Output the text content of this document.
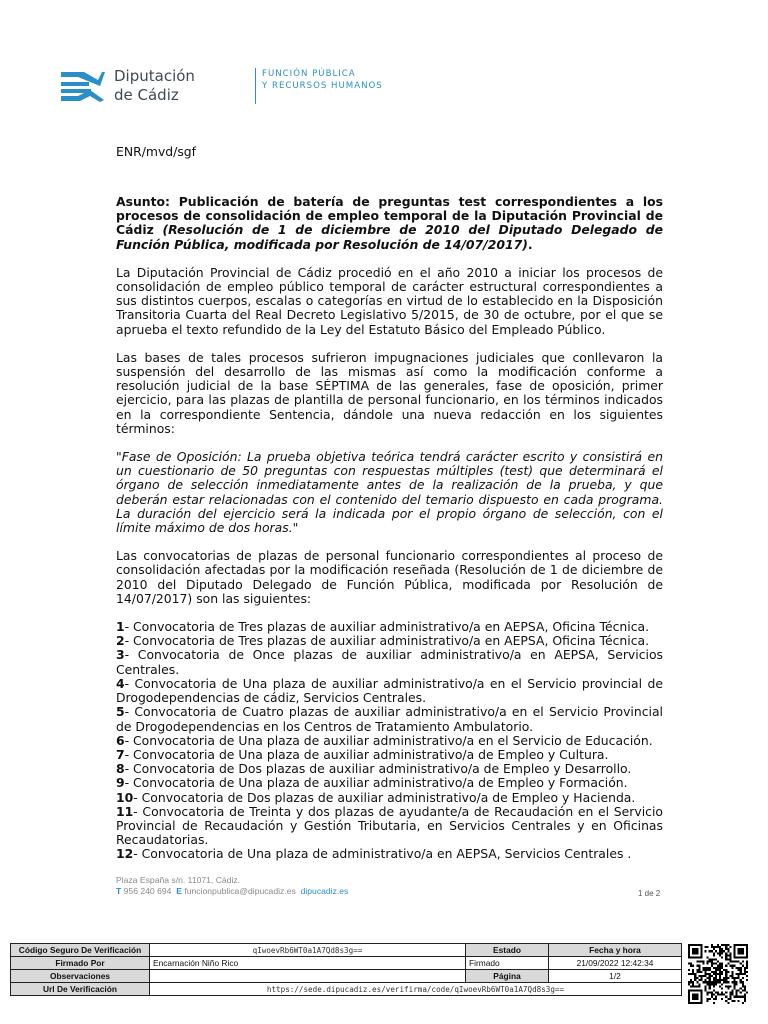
Diputación
de Cádiz
FUNCIÓN PÚBLICA
Y RECURSOS HUMANOS
ENR/mvd/sgf

Asunto: Publicación de batería de preguntas test correspondientes a los procesos de consolidación de empleo temporal de la Diputación Provincial de Cádiz (Resolución de 1 de diciembre de 2010 del Diputado Delegado de Función Pública, modificada por Resolución de 14/07/2017).

La Diputación Provincial de Cádiz procedió en el año 2010 a iniciar los procesos de consolidación de empleo público temporal de carácter estructural correspondientes a sus distintos cuerpos, escalas o categorías en virtud de lo establecido en la Disposición Transitoria Cuarta del Real Decreto Legislativo 5/2015, de 30 de octubre, por el que se aprueba el texto refundido de la Ley del Estatuto Básico del Empleado Público.

Las bases de tales procesos sufrieron impugnaciones judiciales que conllevaron la suspensión del desarrollo de las mismas así como la modificación conforme a resolución judicial de la base SÉPTIMA de las generales, fase de oposición, primer ejercicio, para las plazas de plantilla de personal funcionario, en los términos indicados en la correspondiente Sentencia, dándole una nueva redacción en los siguientes términos:

"Fase de Oposición: La prueba objetiva teórica tendrá carácter escrito y consistirá en un cuestionario de 50 preguntas con respuestas múltiples (test) que determinará el órgano de selección inmediatamente antes de la realización de la prueba, y que deberán estar relacionadas con el contenido del temario dispuesto en cada programa. La duración del ejercicio será la indicada por el propio órgano de selección, con el límite máximo de dos horas."

Las convocatorias de plazas de personal funcionario correspondientes al proceso de consolidación afectadas por la modificación reseñada (Resolución de 1 de diciembre de 2010 del Diputado Delegado de Función Pública, modificada por Resolución de 14/07/2017) son las siguientes:

1- Convocatoria de Tres plazas de auxiliar administrativo/a en AEPSA, Oficina Técnica.
2- Convocatoria de Tres plazas de auxiliar administrativo/a en AEPSA, Oficina Técnica.
3- Convocatoria de Once plazas de auxiliar administrativo/a en AEPSA, Servicios Centrales.
4- Convocatoria de Una plaza de auxiliar administrativo/a en el Servicio provincial de Drogodependencias de cádiz, Servicios Centrales.
5- Convocatoria de Cuatro plazas de auxiliar administrativo/a en el Servicio Provincial de Drogodependencias en los Centros de Tratamiento Ambulatorio.
6- Convocatoria de Una plaza de auxiliar administrativo/a en el Servicio de Educación.
7- Convocatoria de Una plaza de auxiliar administrativo/a de Empleo y Cultura.
8- Convocatoria de Dos plazas de auxiliar administrativo/a de Empleo y Desarrollo.
9- Convocatoria de Una plaza de auxiliar administrativo/a de Empleo y Formación.
10- Convocatoria de Dos plazas de auxiliar administrativo/a de Empleo y Hacienda.
11- Convocatoria de Treinta y dos plazas de ayudante/a de Recaudación en el Servicio Provincial de Recaudación y Gestión Tributaria, en Servicios Centrales y en Oficinas Recaudatorias.
12- Convocatoria de Una plaza de administrativo/a en AEPSA, Servicios Centrales .
Plaza España s/n. 11071, Cádiz.
T 956 240 694 E funcionpublica@dipucadiz.es dipucadiz.es	1 de 2
Código Seguro De Verificación	qIwoevRb6WT0a1A7Qd8s3g==	Estado	Fecha y hora
Firmado Por	Encarnación Niño Rico	Firmado	21/09/2022 12:42:34
Observaciones		Página	1/2
Url De Verificación	https://sede.dipucadiz.es/verifirma/code/qIwoevRb6WT0a1A7Qd8s3g==		
